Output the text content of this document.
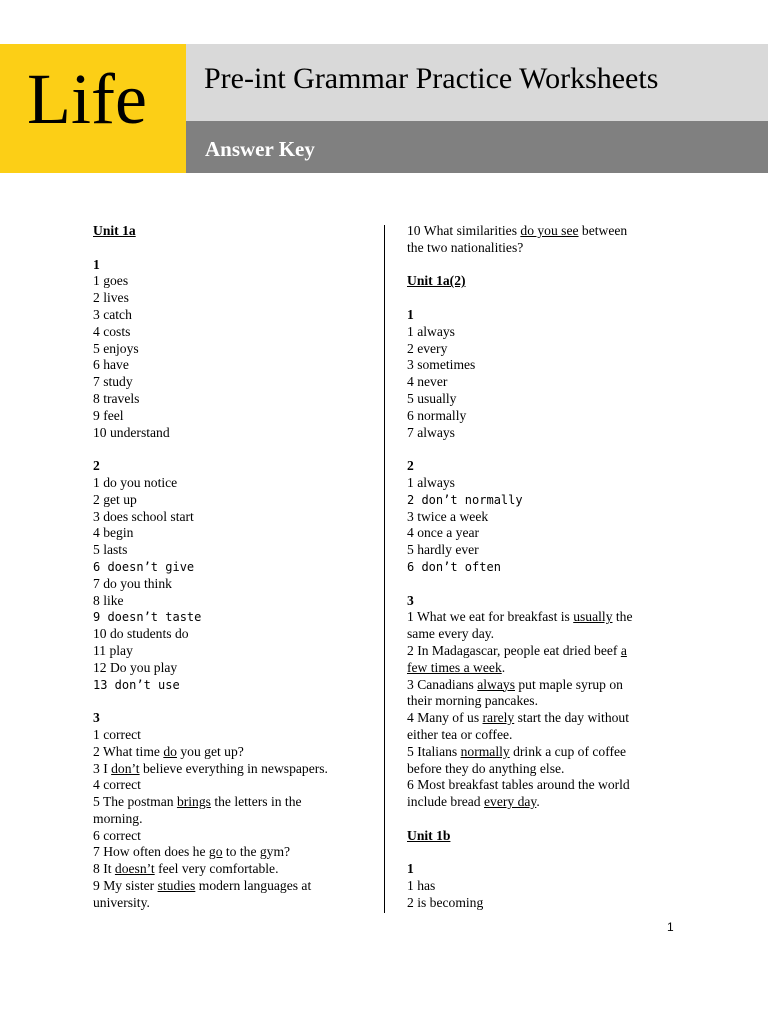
Life Pre-int Grammar Practice Worksheets
Answer Key
Unit 1a
1
1 goes
2 lives
3 catch
4 costs
5 enjoys
6 have
7 study
8 travels
9 feel
10 understand
2
1 do you notice
2 get up
3 does school start
4 begin
5 lasts
6 doesn’t give
7 do you think
8 like
9 doesn’t taste
10 do students do
11 play
12 Do you play
13 don’t use
3
1 correct
2 What time do you get up?
3 I don’t believe everything in newspapers.
4 correct
5 The postman brings the letters in the
morning.
6 correct
7 How often does he go to the gym?
8 It doesn’t feel very comfortable.
9 My sister studies modern languages at
university.
10 What similarities do you see between
the two nationalities?
Unit 1a(2)
1
1 always
2 every
3 sometimes
4 never
5 usually
6 normally
7 always
2
1 always
2 don’t normally
3 twice a week
4 once a year
5 hardly ever
6 don’t often
3
1 What we eat for breakfast is usually the
same every day.
2 In Madagascar, people eat dried beef a
few times a week.
3 Canadians always put maple syrup on
their morning pancakes.
4 Many of us rarely start the day without
either tea or coffee.
5 Italians normally drink a cup of coffee
before they do anything else.
6 Most breakfast tables around the world
include bread every day.
Unit 1b
1
1 has
2 is becoming
1
